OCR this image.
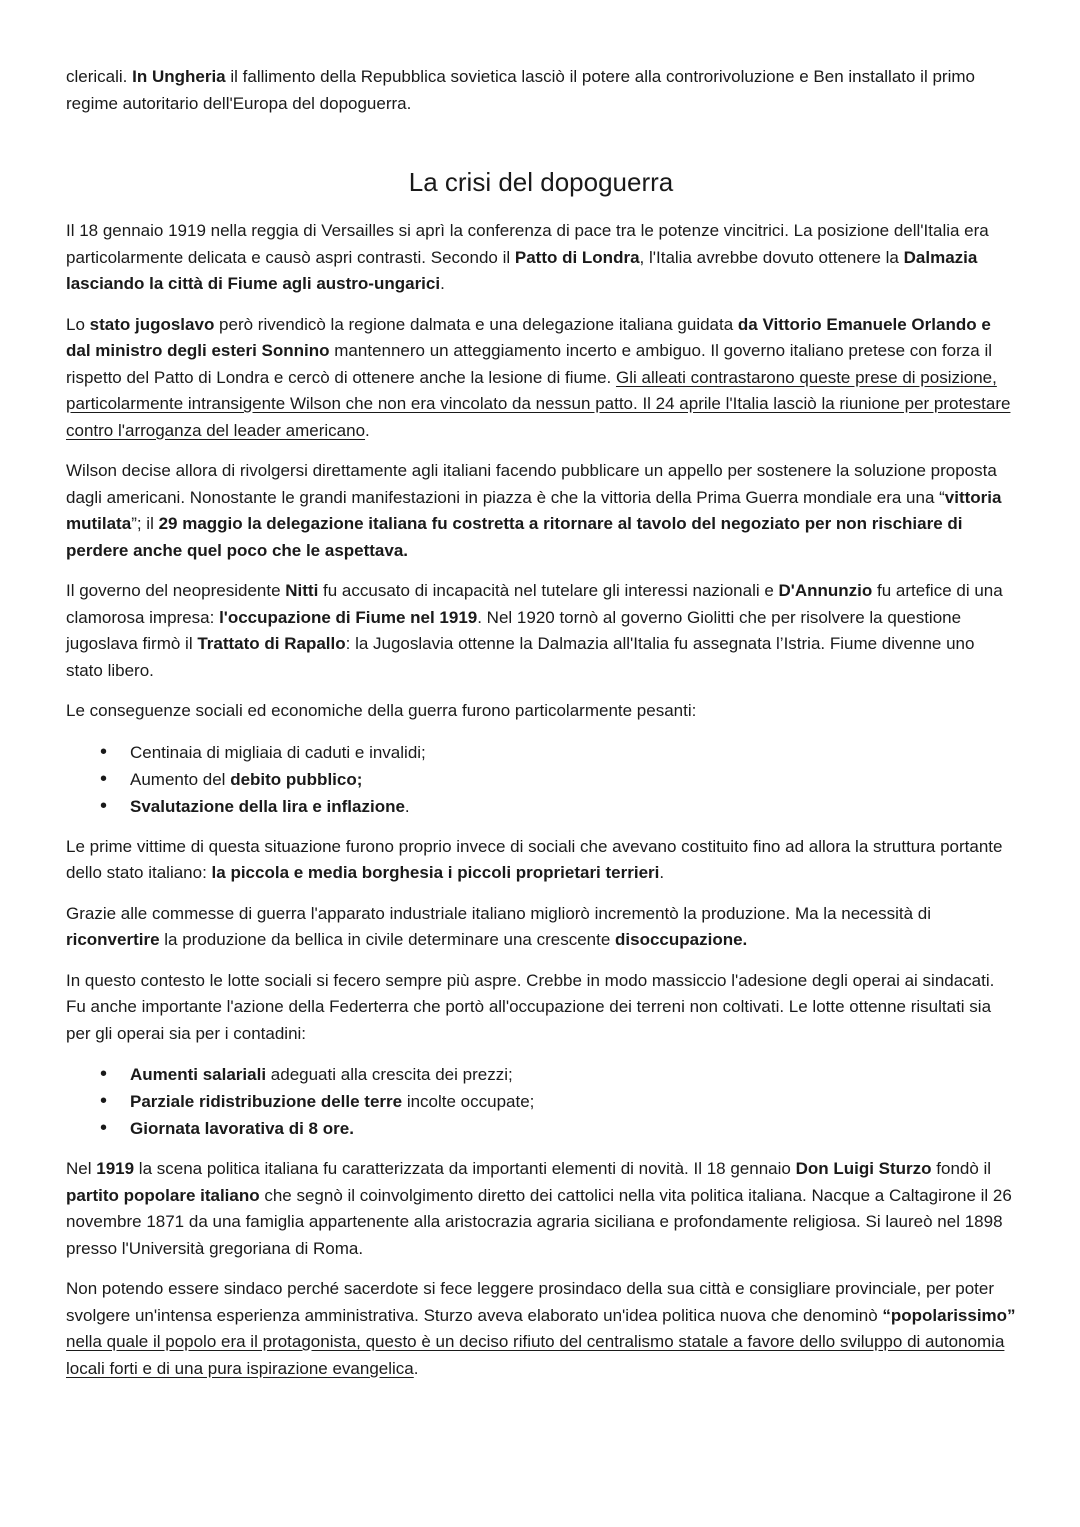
clericali. In Ungheria il fallimento della Repubblica sovietica lasciò il potere alla controrivoluzione e Ben installato il primo regime autoritario dell'Europa del dopoguerra.

La crisi del dopoguerra

Il 18 gennaio 1919 nella reggia di Versailles si aprì la conferenza di pace tra le potenze vincitrici. La posizione dell'Italia era particolarmente delicata e causò aspri contrasti. Secondo il Patto di Londra, l'Italia avrebbe dovuto ottenere la Dalmazia lasciando la città di Fiume agli austro-ungarici.

Lo stato jugoslavo però rivendicò la regione dalmata e una delegazione italiana guidata da Vittorio Emanuele Orlando e dal ministro degli esteri Sonnino mantennero un atteggiamento incerto e ambiguo. Il governo italiano pretese con forza il rispetto del Patto di Londra e cercò di ottenere anche la lesione di fiume. Gli alleati contrastarono queste prese di posizione, particolarmente intransigente Wilson che non era vincolato da nessun patto. Il 24 aprile l'Italia lasciò la riunione per protestare contro l'arroganza del leader americano.

Wilson decise allora di rivolgersi direttamente agli italiani facendo pubblicare un appello per sostenere la soluzione proposta dagli americani. Nonostante le grandi manifestazioni in piazza è che la vittoria della Prima Guerra mondiale era una “vittoria mutilata”; il 29 maggio la delegazione italiana fu costretta a ritornare al tavolo del negoziato per non rischiare di perdere anche quel poco che le aspettava.

Il governo del neopresidente Nitti fu accusato di incapacità nel tutelare gli interessi nazionali e D'Annunzio fu artefice di una clamorosa impresa: l'occupazione di Fiume nel 1919. Nel 1920 tornò al governo Giolitti che per risolvere la questione jugoslava firmò il Trattato di Rapallo: la Jugoslavia ottenne la Dalmazia all'Italia fu assegnata l’Istria. Fiume divenne uno stato libero.

Le conseguenze sociali ed economiche della guerra furono particolarmente pesanti:

• Centinaia di migliaia di caduti e invalidi;
• Aumento del debito pubblico;
• Svalutazione della lira e inflazione.

Le prime vittime di questa situazione furono proprio invece di sociali che avevano costituito fino ad allora la struttura portante dello stato italiano: la piccola e media borghesia i piccoli proprietari terrieri.

Grazie alle commesse di guerra l'apparato industriale italiano migliorò incrementò la produzione. Ma la necessità di riconvertire la produzione da bellica in civile determinare una crescente disoccupazione.

In questo contesto le lotte sociali si fecero sempre più aspre. Crebbe in modo massiccio l'adesione degli operai ai sindacati. Fu anche importante l'azione della Federterra che portò all'occupazione dei terreni non coltivati. Le lotte ottenne risultati sia per gli operai sia per i contadini:

• Aumenti salariali adeguati alla crescita dei prezzi;
• Parziale ridistribuzione delle terre incolte occupate;
• Giornata lavorativa di 8 ore.

Nel 1919 la scena politica italiana fu caratterizzata da importanti elementi di novità. Il 18 gennaio Don Luigi Sturzo fondò il partito popolare italiano che segnò il coinvolgimento diretto dei cattolici nella vita politica italiana. Nacque a Caltagirone il 26 novembre 1871 da una famiglia appartenente alla aristocrazia agraria siciliana e profondamente religiosa. Si laureò nel 1898 presso l'Università gregoriana di Roma.

Non potendo essere sindaco perché sacerdote si fece leggere prosindaco della sua città e consigliare provinciale, per poter svolgere un'intensa esperienza amministrativa. Sturzo aveva elaborato un'idea politica nuova che denominò “popolarissimo” nella quale il popolo era il protagonista, questo è un deciso rifiuto del centralismo statale a favore dello sviluppo di autonomia locali forti e di una pura ispirazione evangelica.
